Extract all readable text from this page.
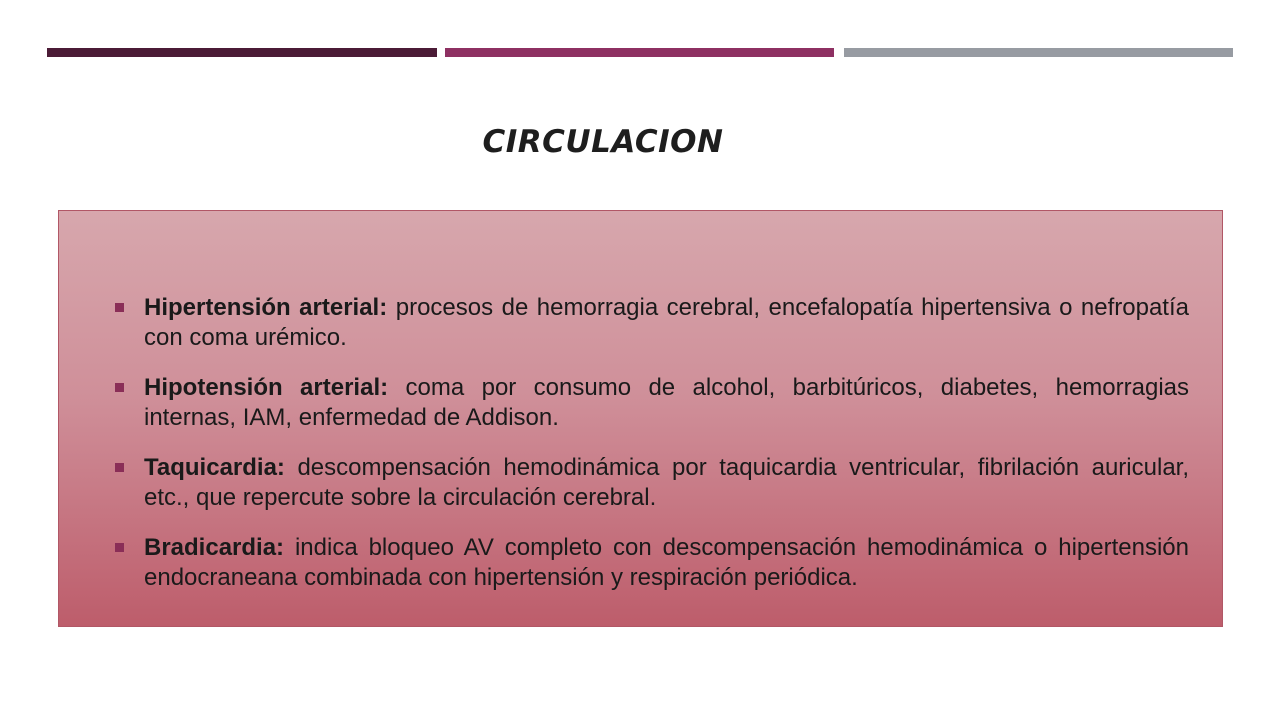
CIRCULACION
Hipertensión arterial: procesos de hemorragia cerebral, encefalopatía hipertensiva o nefropatía con coma urémico.
Hipotensión arterial: coma por consumo de alcohol, barbitúricos, diabetes, hemorragias internas, IAM, enfermedad de Addison.
Taquicardia: descompensación hemodinámica por taquicardia ventricular, fibrilación auricular, etc., que repercute sobre la circulación cerebral.
Bradicardia: indica bloqueo AV completo con descompensación hemodinámica o hipertensión endocraneana combinada con hipertensión y respiración periódica.
